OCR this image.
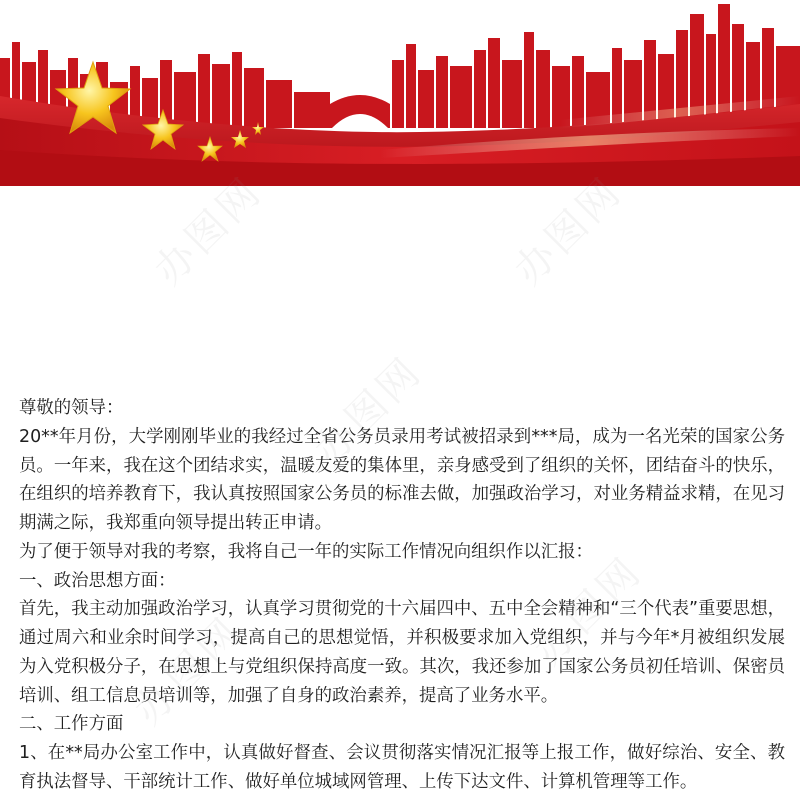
办图网	办图网
办图网
办图网
办图网

尊敬的领导：

20**年月份，大学刚刚毕业的我经过全省公务员录用考试被招录到***局，成为一名光荣的国家公务员。一年来，我在这个团结求实，温暖友爱的集体里，亲身感受到了组织的关怀，团结奋斗的快乐，在组织的培养教育下，我认真按照国家公务员的标准去做，加强政治学习，对业务精益求精，在见习期满之际，我郑重向领导提出转正申请。

为了便于领导对我的考察，我将自己一年的实际工作情况向组织作以汇报：

一、政治思想方面：

首先，我主动加强政治学习，认真学习贯彻党的十六届四中、五中全会精神和“三个代表”重要思想，通过周六和业余时间学习，提高自己的思想觉悟，并积极要求加入党组织，并与今年*月被组织发展为入党积极分子，在思想上与党组织保持高度一致。其次，我还参加了国家公务员初任培训、保密员培训、组工信息员培训等，加强了自身的政治素养，提高了业务水平。

二、工作方面

1、在**局办公室工作中，认真做好督查、会议贯彻落实情况汇报等上报工作，做好综治、安全、教育执法督导、干部统计工作、做好单位城域网管理、上传下达文件、计算机管理等工作。
